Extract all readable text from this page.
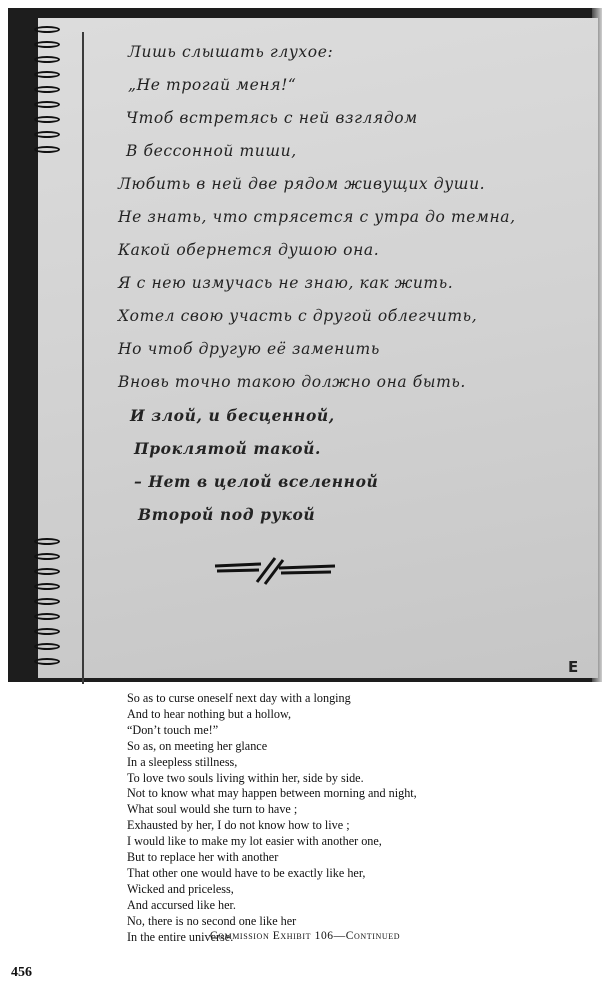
Лишь слышать глухое:
„Не трогай меня!“
Чтоб встретясь с ней взглядом
В бессонной тиши,
Любить в ней две рядом живущих души.
Не знать, что стрясется с утра до темна,
Какой обернется душою она.
Я с нею измучась не знаю, как жить.
Хотел свою участь с другой облегчить,
Но чтоб другую её заменить
Вновь точно такою должно она быть.
И злой, и бесценной,
Проклятой такой.
– Нет в целой вселенной
Второй под рукой
E
So as to curse oneself next day with a longing
And to hear nothing but a hollow,
“Don’t touch me!”
So as, on meeting her glance
In a sleepless stillness,
To love two souls living within her, side by side.
Not to know what may happen between morning and night,
What soul would she turn to have ;
Exhausted by her, I do not know how to live ;
I would like to make my lot easier with another one,
But to replace her with another
That other one would have to be exactly like her,
Wicked and priceless,
And accursed like her.
No, there is no second one like her
In the entire universe.
Commission Exhibit 106—Continued
456
